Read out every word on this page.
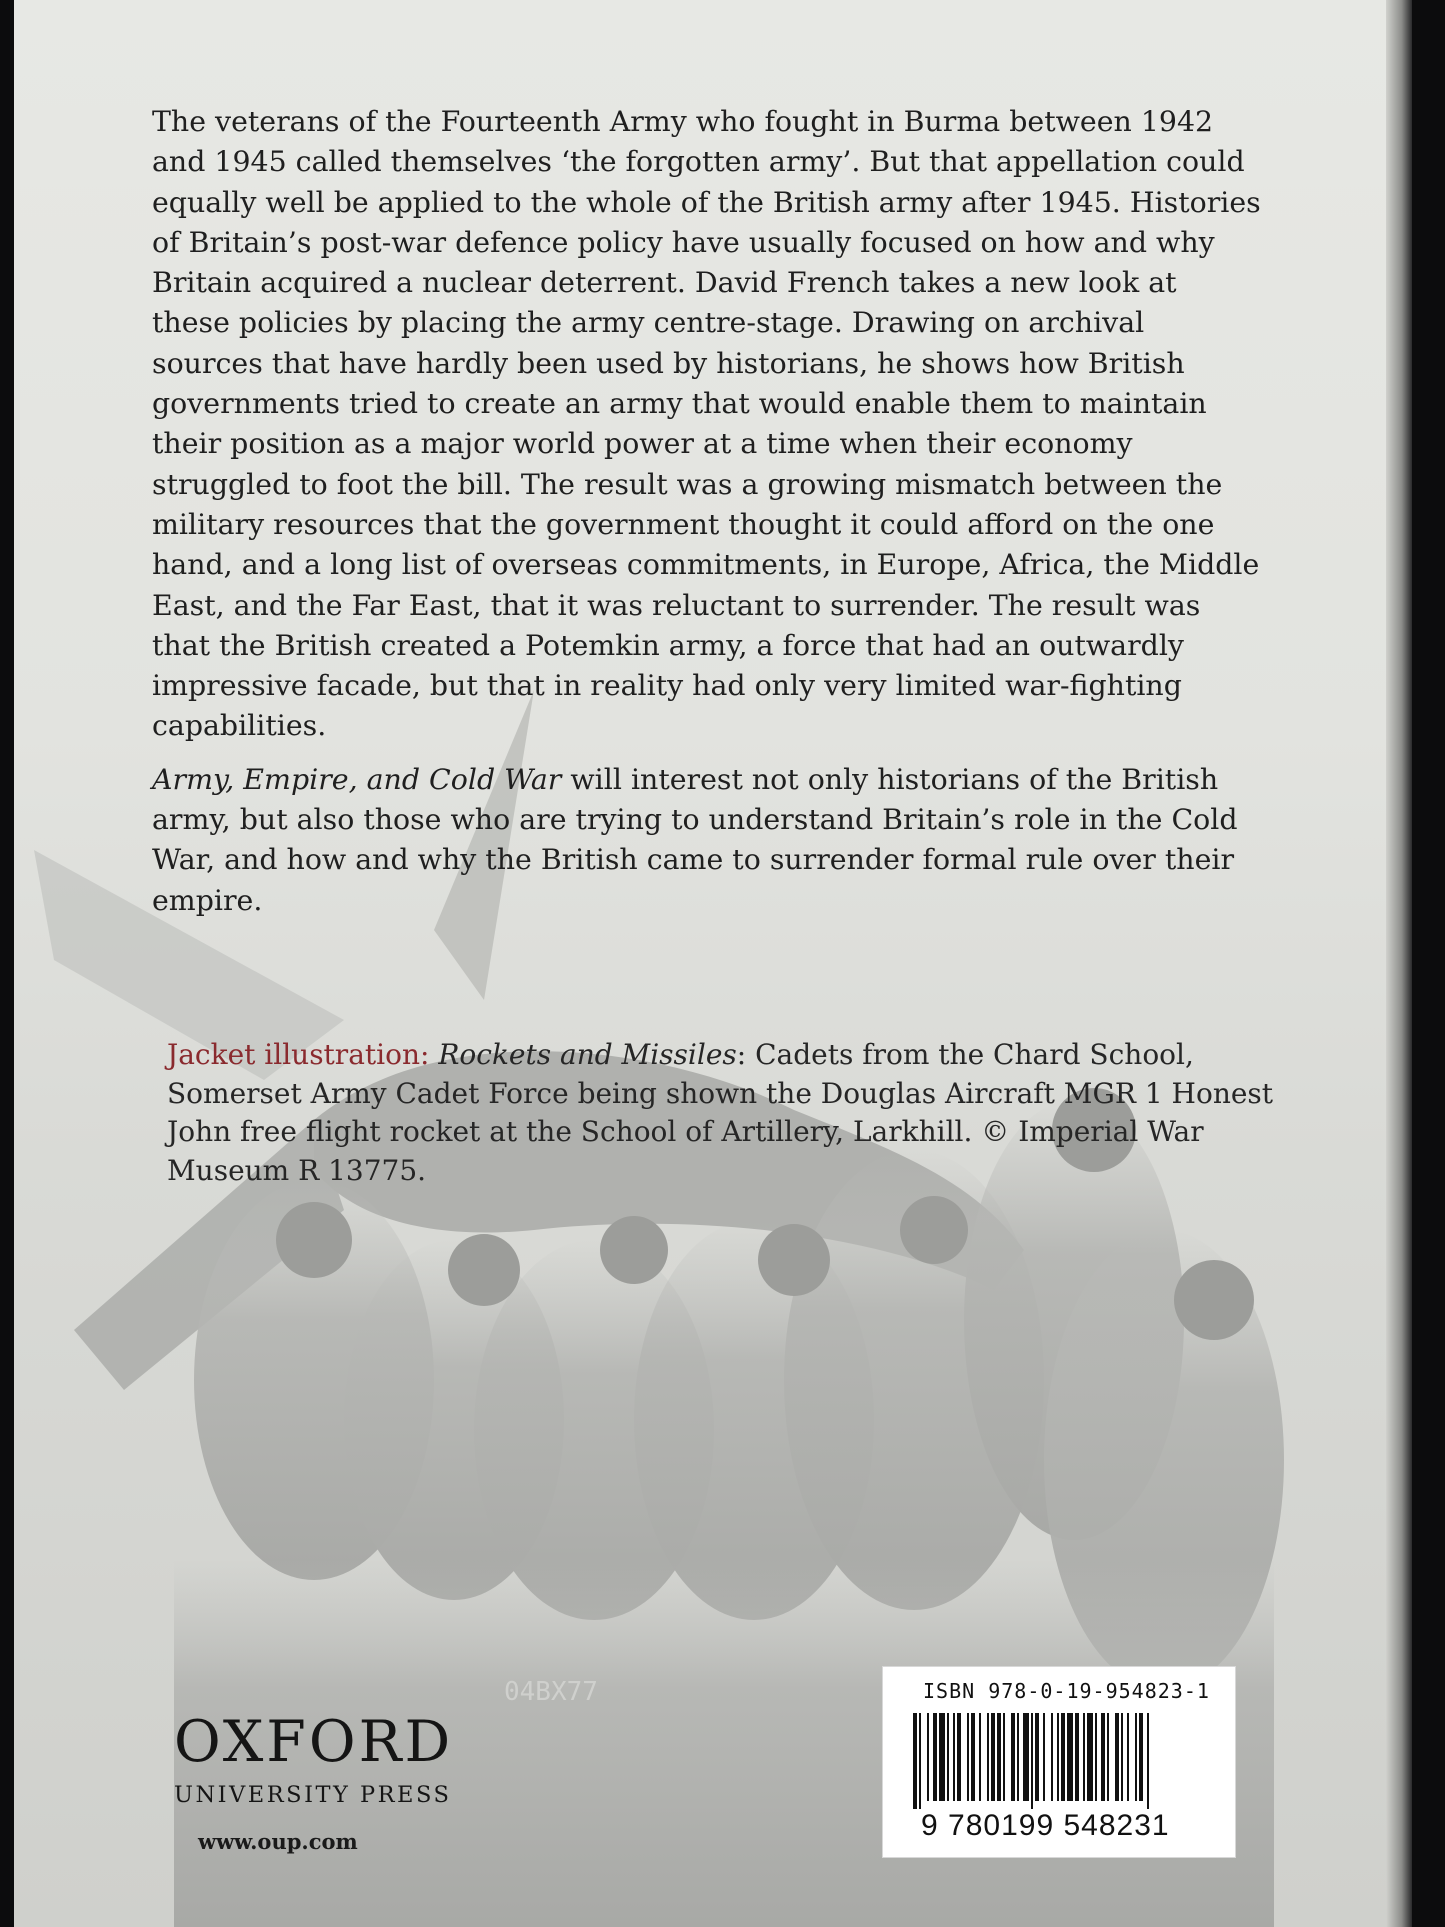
04BX77

The veterans of the Fourteenth Army who fought in Burma between 1942 and 1945 called themselves ‘the forgotten army’. But that appellation could equally well be applied to the whole of the British army after 1945. Histories of Britain’s post-war defence policy have usually focused on how and why Britain acquired a nuclear deterrent. David French takes a new look at these policies by placing the army centre-stage. Drawing on archival sources that have hardly been used by historians, he shows how British governments tried to create an army that would enable them to maintain their position as a major world power at a time when their economy struggled to foot the bill. The result was a growing mismatch between the military resources that the government thought it could afford on the one hand, and a long list of overseas commitments, in Europe, Africa, the Middle East, and the Far East, that it was reluctant to surrender. The result was that the British created a Potemkin army, a force that had an outwardly impressive facade, but that in reality had only very limited war-fighting capabilities.

Army, Empire, and Cold War will interest not only historians of the British army, but also those who are trying to understand Britain’s role in the Cold War, and how and why the British came to surrender formal rule over their empire.

Jacket illustration: Rockets and Missiles: Cadets from the Chard School, Somerset Army Cadet Force being shown the Douglas Aircraft MGR 1 Honest John free flight rocket at the School of Artillery, Larkhill. © Imperial War Museum R 13775.
OXFORD
UNIVERSITY PRESS
www.oup.com
ISBN 978-0-19-954823-1
9 780199 548231
